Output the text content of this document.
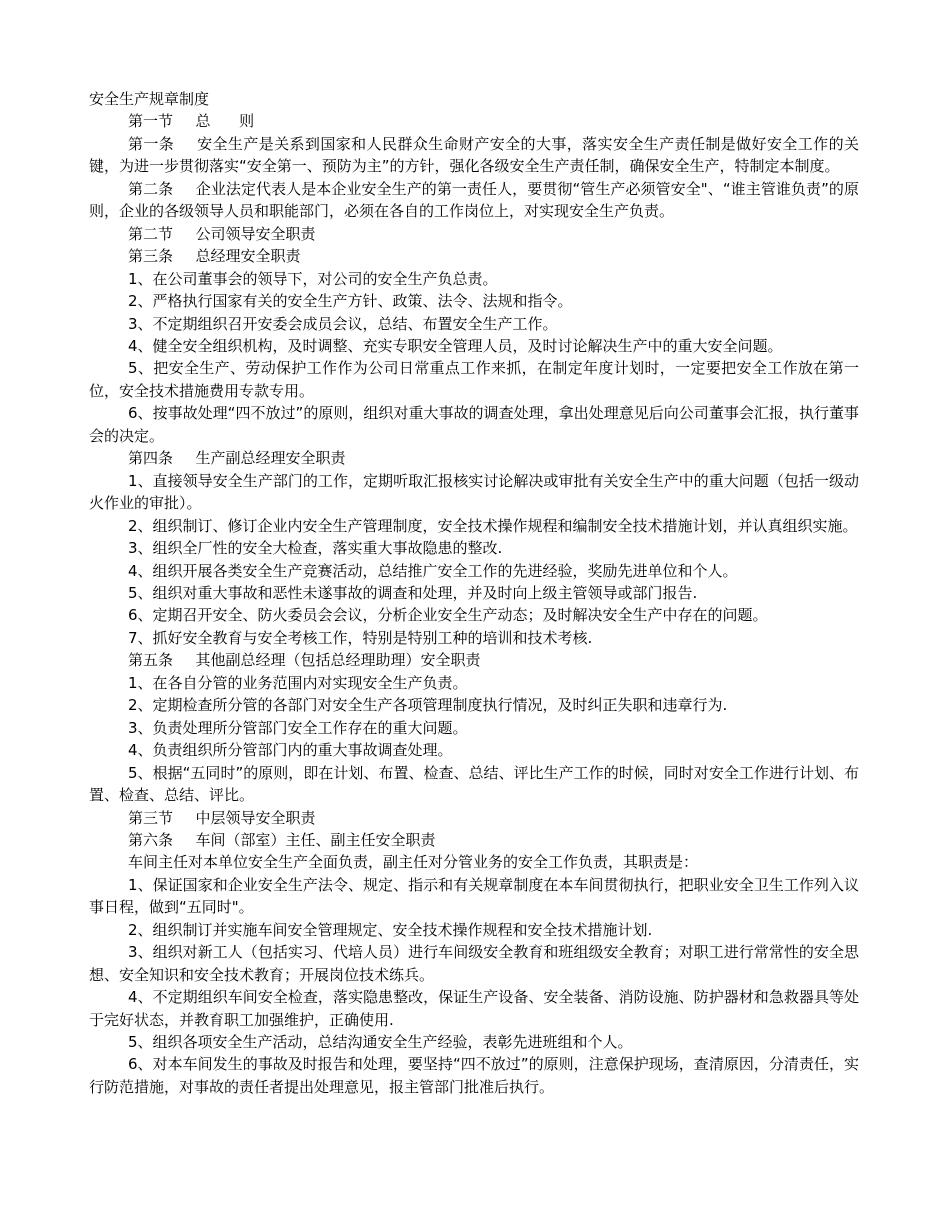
安全生产规章制度

第一节 总      则

第一条 安全生产是关系到国家和人民群众生命财产安全的大事，落实安全生产责任制是做好安全工作的关键，为进一步贯彻落实“安全第一、预防为主”的方针，强化各级安全生产责任制，确保安全生产，特制定本制度。

第二条 企业法定代表人是本企业安全生产的第一责任人，要贯彻“管生产必须管安全"、“谁主管谁负责”的原则，企业的各级领导人员和职能部门，必须在各自的工作岗位上，对实现安全生产负责。

第二节 公司领导安全职责

第三条 总经理安全职责

1、在公司董事会的领导下，对公司的安全生产负总责。

2、严格执行国家有关的安全生产方针、政策、法令、法规和指令。

3、不定期组织召开安委会成员会议，总结、布置安全生产工作。

4、健全安全组织机构，及时调整、充实专职安全管理人员，及时讨论解决生产中的重大安全问题。

5、把安全生产、劳动保护工作作为公司日常重点工作来抓，在制定年度计划时，一定要把安全工作放在第一位，安全技术措施费用专款专用。

6、按事故处理“四不放过”的原则，组织对重大事故的调查处理，拿出处理意见后向公司董事会汇报，执行董事会的决定。

第四条 生产副总经理安全职责

1、直接领导安全生产部门的工作，定期听取汇报核实讨论解决或审批有关安全生产中的重大问题（包括一级动火作业的审批）。

2、组织制订、修订企业内安全生产管理制度，安全技术操作规程和编制安全技术措施计划，并认真组织实施。

3、组织全厂性的安全大检查，落实重大事故隐患的整改.

4、组织开展各类安全生产竞赛活动，总结推广安全工作的先进经验，奖励先进单位和个人。

5、组织对重大事故和恶性未遂事故的调查和处理，并及时向上级主管领导或部门报告.

6、定期召开安全、防火委员会会议，分析企业安全生产动态；及时解决安全生产中存在的问题。

7、抓好安全教育与安全考核工作，特别是特别工种的培训和技术考核.

第五条 其他副总经理（包括总经理助理）安全职责

1、在各自分管的业务范围内对实现安全生产负责。

2、定期检查所分管的各部门对安全生产各项管理制度执行情况，及时纠正失职和违章行为.

3、负责处理所分管部门安全工作存在的重大问题。

4、负责组织所分管部门内的重大事故调查处理。

5、根据“五同时”的原则，即在计划、布置、检查、总结、评比生产工作的时候，同时对安全工作进行计划、布置、检查、总结、评比。

第三节 中层领导安全职责

第六条 车间（部室）主任、副主任安全职责

车间主任对本单位安全生产全面负责，副主任对分管业务的安全工作负责，其职责是：

1、保证国家和企业安全生产法令、规定、指示和有关规章制度在本车间贯彻执行，把职业安全卫生工作列入议事日程，做到“五同时"。

2、组织制订并实施车间安全管理规定、安全技术操作规程和安全技术措施计划.

3、组织对新工人（包括实习、代培人员）进行车间级安全教育和班组级安全教育；对职工进行常常性的安全思想、安全知识和安全技术教育；开展岗位技术练兵。

4、不定期组织车间安全检查，落实隐患整改，保证生产设备、安全装备、消防设施、防护器材和急救器具等处于完好状态，并教育职工加强维护，正确使用.

5、组织各项安全生产活动，总结沟通安全生产经验，表彰先进班组和个人。

6、对本车间发生的事故及时报告和处理，要坚持“四不放过”的原则，注意保护现场，查清原因，分清责任，实行防范措施，对事故的责任者提出处理意见，报主管部门批准后执行。
